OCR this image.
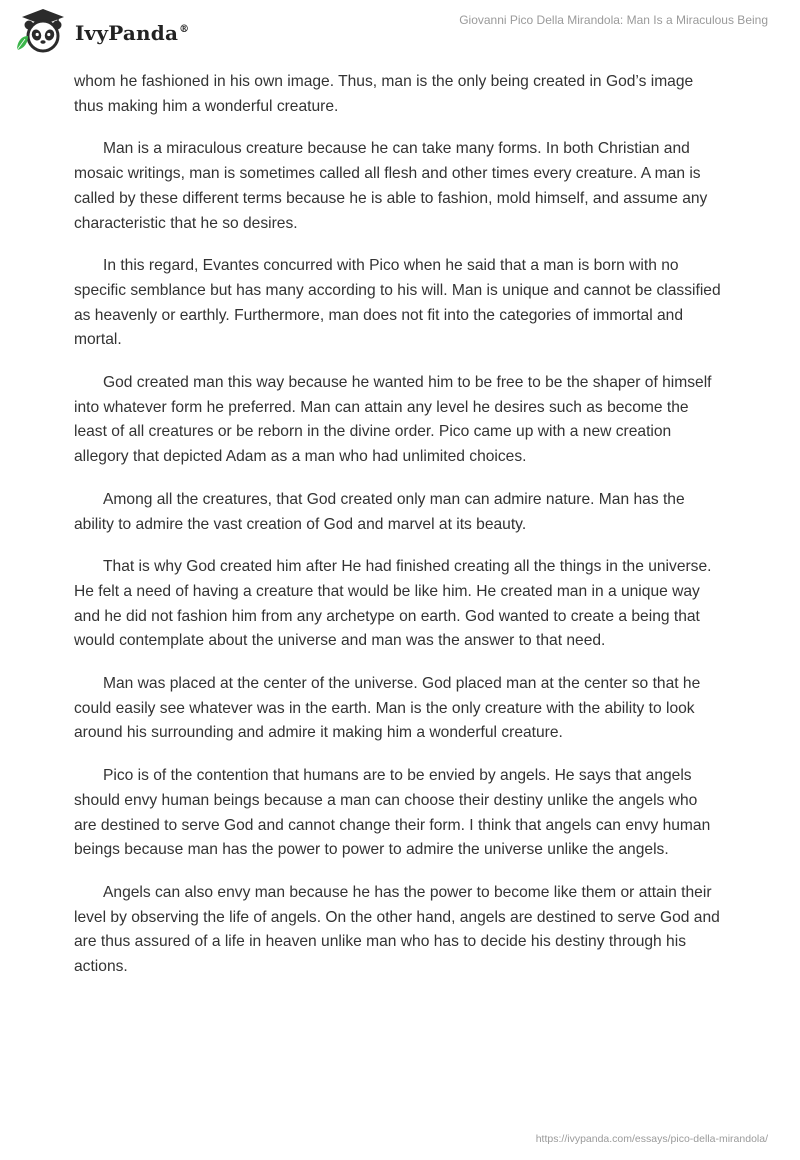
IvyPanda®
Giovanni Pico Della Mirandola: Man Is a Miraculous Being

whom he fashioned in his own image. Thus, man is the only being created in God’s image thus making him a wonderful creature.

Man is a miraculous creature because he can take many forms. In both Christian and mosaic writings, man is sometimes called all flesh and other times every creature. A man is called by these different terms because he is able to fashion, mold himself, and assume any characteristic that he so desires.

In this regard, Evantes concurred with Pico when he said that a man is born with no specific semblance but has many according to his will. Man is unique and cannot be classified as heavenly or earthly. Furthermore, man does not fit into the categories of immortal and mortal.

God created man this way because he wanted him to be free to be the shaper of himself into whatever form he preferred. Man can attain any level he desires such as become the least of all creatures or be reborn in the divine order. Pico came up with a new creation allegory that depicted Adam as a man who had unlimited choices.

Among all the creatures, that God created only man can admire nature. Man has the ability to admire the vast creation of God and marvel at its beauty.

That is why God created him after He had finished creating all the things in the universe. He felt a need of having a creature that would be like him. He created man in a unique way and he did not fashion him from any archetype on earth. God wanted to create a being that would contemplate about the universe and man was the answer to that need.

Man was placed at the center of the universe. God placed man at the center so that he could easily see whatever was in the earth. Man is the only creature with the ability to look around his surrounding and admire it making him a wonderful creature.

Pico is of the contention that humans are to be envied by angels. He says that angels should envy human beings because a man can choose their destiny unlike the angels who are destined to serve God and cannot change their form. I think that angels can envy human beings because man has the power to power to admire the universe unlike the angels.

Angels can also envy man because he has the power to become like them or attain their level by observing the life of angels. On the other hand, angels are destined to serve God and are thus assured of a life in heaven unlike man who has to decide his destiny through his actions.

https://ivypanda.com/essays/pico-della-mirandola/
